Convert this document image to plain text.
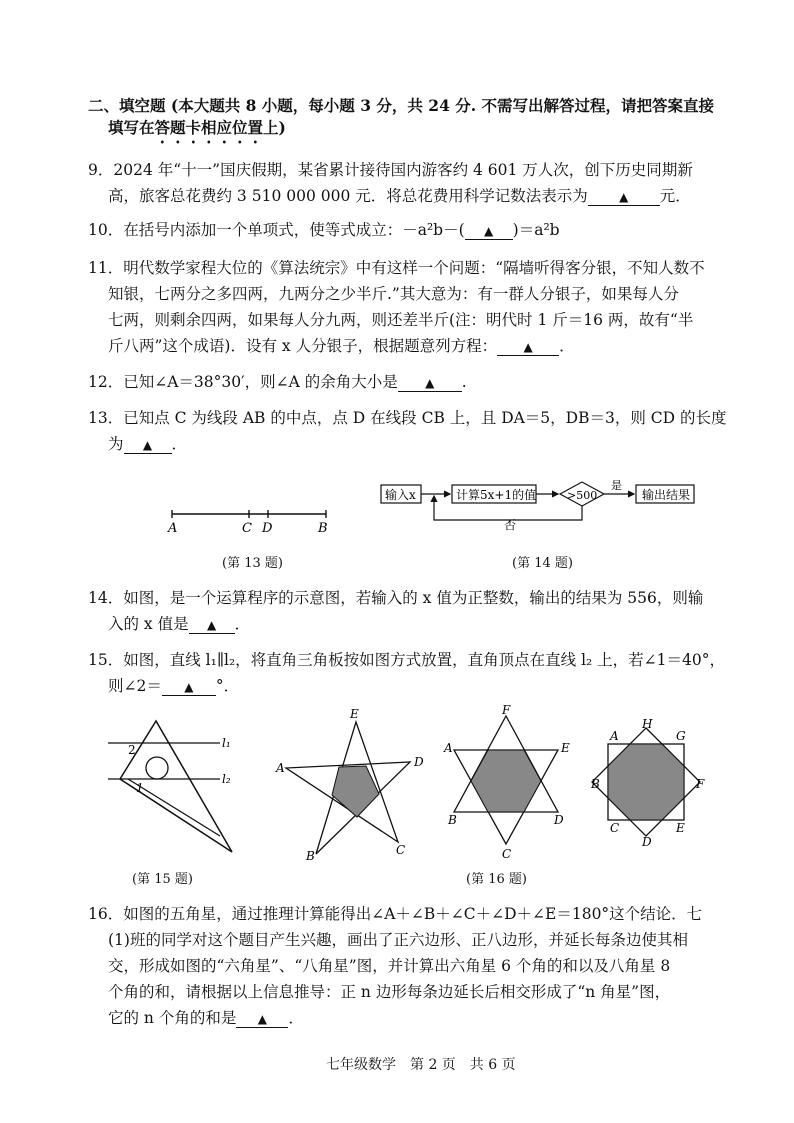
二、填空题 (本大题共 8 小题，每小题 3 分，共 24 分. 不需写出解答过程，请把答案直接
填写在答题卡相应位置上)
9．2024 年“十一”国庆假期，某省累计接待国内游客约 4 601 万人次，创下历史同期新
高，旅客总花费约 3 510 000 000 元．将总花费用科学记数法表示为	▲ 元．
10．在括号内添加一个单项式，使等式成立：－a²b－( ▲ )＝a²b
11．明代数学家程大位的《算法统宗》中有这样一个问题：“隔墙听得客分银，不知人数不
知银，七两分之多四两，九两分之少半斤.”其大意为：有一群人分银子，如果每人分
七两，则剩余四两，如果每人分九两，则还差半斤(注：明代时 1 斤＝16 两，故有“半
斤八两”这个成语)．设有 x 人分银子，根据题意列方程： ▲ ．
12．已知∠A＝38°30′，则∠A 的余角大小是 ▲ .
13．已知点 C 为线段 AB 的中点，点 D 在线段 CB 上，且 DA＝5，DB＝3，则 CD 的长度
为 ▲ ．
A	C D	B
(第 13 题)
输入x	计算5x+1的值	>500
是
输出结果
否
(第 14 题)
14．如图，是一个运算程序的示意图，若输入的 x 值为正整数，输出的结果为 556，则输
入的 x 值是 ▲ ．
15．如图，直线 l₁∥l₂，将直角三角板按如图方式放置，直角顶点在直线 l₂ 上，若∠1＝40°，
则∠2＝ ▲ °．
l₁
l₂
2
1
(第 15 题)
E
A	D
B	C
F
A	E
B	D
C
A
H
G
B	F
C	E
D
(第 16 题)
16．如图的五角星，通过推理计算能得出∠A＋∠B＋∠C＋∠D＋∠E＝180°这个结论．七
(1)班的同学对这个题目产生兴趣，画出了正六边形、正八边形，并延长每条边使其相
交，形成如图的“六角星”、“八角星”图，并计算出六角星 6 个角的和以及八角星 8
个角的和，请根据以上信息推导：正 n 边形每条边延长后相交形成了“n 角星”图，
它的 n 个角的和是 ▲ ．
七年级数学　第 2 页　共 6 页
